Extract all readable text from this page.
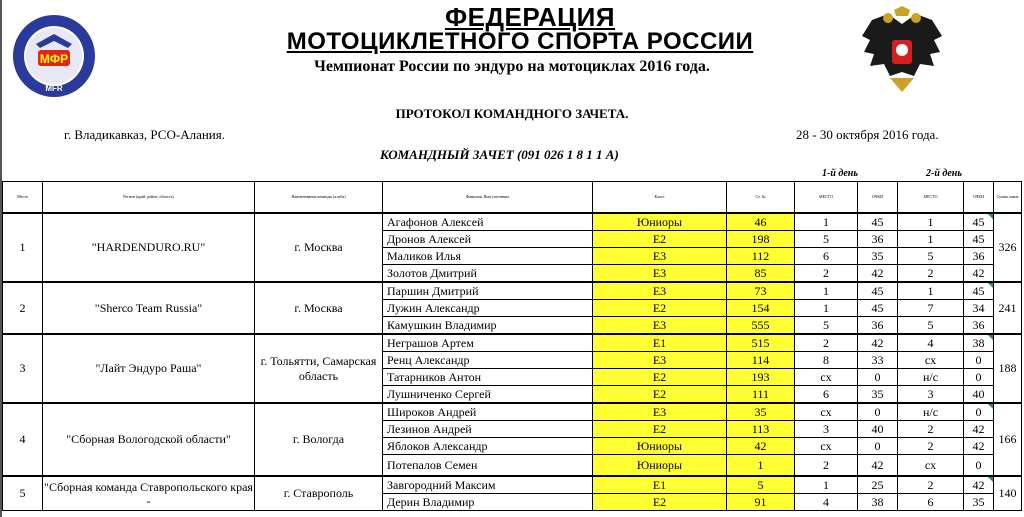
МФР
MFR
ФЕДЕРАЦИЯ
МОТОЦИКЛЕТНОГО СПОРТА РОССИИ
Чемпионат России по эндуро на мотоциклах 2016 года.
ПРОТОКОЛ КОМАНДНОГО ЗАЧЕТА.
г. Владикавказ, РСО-Алания.	28 - 30 октября 2016 года.
КОМАНДНЫЙ ЗАЧЕТ (091 026 1 8 1 1 А)
1-й день	2-й день
Место	Регион (край, район, область)	Наименование команды (клуба)	Фамилия, Имя участника	Класс	Ст. №	МЕСТО	ОЧКИ	МЕСТО	ОЧКИ	Сумма очков
1	"HARDENDURO.RU"	г. Москва	Агафонов Алексей	Юниоры	46	1	45	1	45	326
			Дронов Алексей	E2	198	5	36	1	45	
			Маликов Илья	E3	112	6	35	5	36	
			Золотов Дмитрий	E3	85	2	42	2	42	
2	"Sherco Team Russia"	г. Москва	Паршин Дмитрий	E3	73	1	45	1	45	241
			Лужин Александр	E2	154	1	45	7	34	
			Камушкин Владимир	E3	555	5	36	5	36	
3	"Лайт Эндуро Раша"	г. Тольятти, Самарская область	Неграшов Артем	E1	515	2	42	4	38	188
			Ренц Александр	E3	114	8	33	сх	0	
			Татарников Антон	E2	193	сх	0	н/с	0	
			Лушниченко Сергей	E2	111	6	35	3	40	
4	"Сборная Вологодской области"	г. Вологда	Широков Андрей	E3	35	сх	0	н/с	0	166
			Лезинов Андрей	E2	113	3	40	2	42	
			Яблоков Александр	Юниоры	42	сх	0	2	42	
			Потепалов Семен	Юниоры	1	2	42	сх	0	
5	"Сборная команда Ставропольского края -	г. Ставрополь	Завгородний Максим	E1	5	1	25	2	42	140
			Дерин Владимир	E2	91	4	38	6	35	
